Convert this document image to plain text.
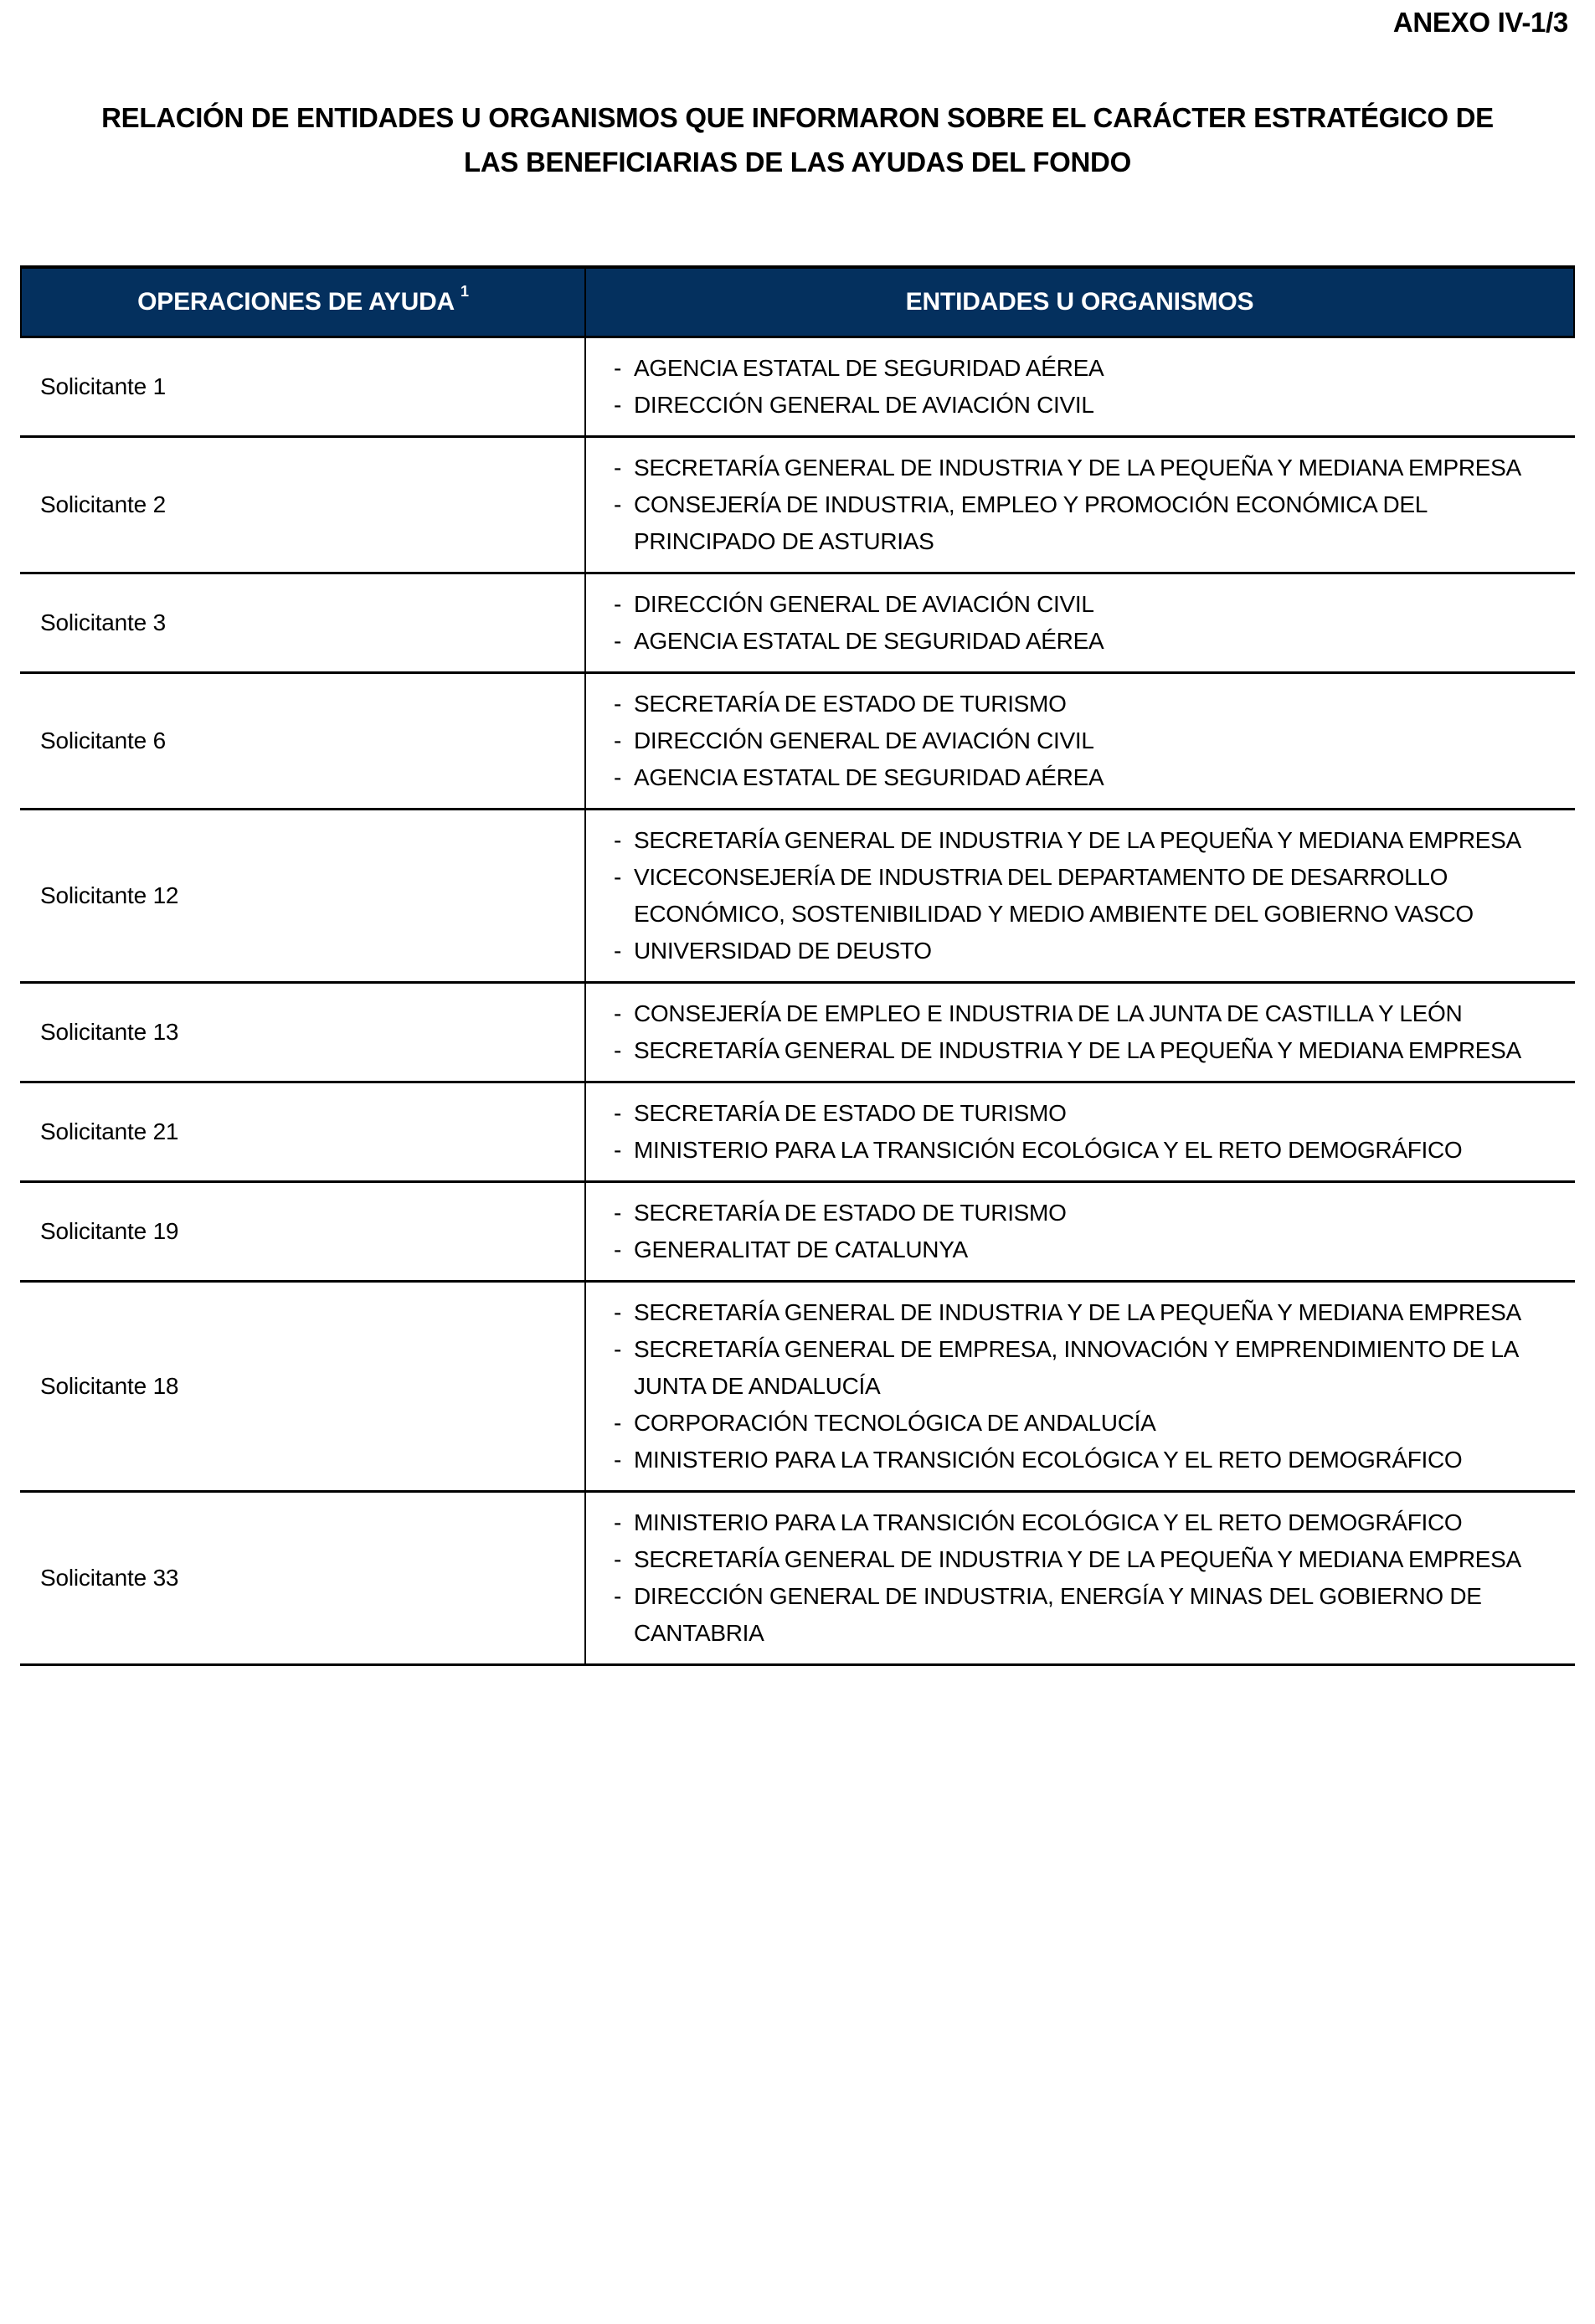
ANEXO IV-1/3
RELACIÓN DE ENTIDADES U ORGANISMOS QUE INFORMARON SOBRE EL CARÁCTER ESTRATÉGICO DE LAS BENEFICIARIAS DE LAS AYUDAS DEL FONDO
OPERACIONES DE AYUDA $^1$	ENTIDADES U ORGANISMOS
Solicitante 1
- AGENCIA ESTATAL DE SEGURIDAD AÉREA
- DIRECCIÓN GENERAL DE AVIACIÓN CIVIL
Solicitante 2
- SECRETARÍA GENERAL DE INDUSTRIA Y DE LA PEQUEÑA Y MEDIANA EMPRESA
- CONSEJERÍA DE INDUSTRIA, EMPLEO Y PROMOCIÓN ECONÓMICA DEL PRINCIPADO DE ASTURIAS
Solicitante 3
- DIRECCIÓN GENERAL DE AVIACIÓN CIVIL
- AGENCIA ESTATAL DE SEGURIDAD AÉREA
Solicitante 6
- SECRETARÍA DE ESTADO DE TURISMO
- DIRECCIÓN GENERAL DE AVIACIÓN CIVIL
- AGENCIA ESTATAL DE SEGURIDAD AÉREA
Solicitante 12
- SECRETARÍA GENERAL DE INDUSTRIA Y DE LA PEQUEÑA Y MEDIANA EMPRESA
- VICECONSEJERÍA DE INDUSTRIA DEL DEPARTAMENTO DE DESARROLLO ECONÓMICO, SOSTENIBILIDAD Y MEDIO AMBIENTE DEL GOBIERNO VASCO
- UNIVERSIDAD DE DEUSTO
Solicitante 13
- CONSEJERÍA DE EMPLEO E INDUSTRIA DE LA JUNTA DE CASTILLA Y LEÓN
- SECRETARÍA GENERAL DE INDUSTRIA Y DE LA PEQUEÑA Y MEDIANA EMPRESA
Solicitante 21
- SECRETARÍA DE ESTADO DE TURISMO
- MINISTERIO PARA LA TRANSICIÓN ECOLÓGICA Y EL RETO DEMOGRÁFICO
Solicitante 19
- SECRETARÍA DE ESTADO DE TURISMO
- GENERALITAT DE CATALUNYA
Solicitante 18
- SECRETARÍA GENERAL DE INDUSTRIA Y DE LA PEQUEÑA Y MEDIANA EMPRESA
- SECRETARÍA GENERAL DE EMPRESA, INNOVACIÓN Y EMPRENDIMIENTO DE LA JUNTA DE ANDALUCÍA
- CORPORACIÓN TECNOLÓGICA DE ANDALUCÍA
- MINISTERIO PARA LA TRANSICIÓN ECOLÓGICA Y EL RETO DEMOGRÁFICO
Solicitante 33
- MINISTERIO PARA LA TRANSICIÓN ECOLÓGICA Y EL RETO DEMOGRÁFICO
- SECRETARÍA GENERAL DE INDUSTRIA Y DE LA PEQUEÑA Y MEDIANA EMPRESA
- DIRECCIÓN GENERAL DE INDUSTRIA, ENERGÍA Y MINAS DEL GOBIERNO DE CANTABRIA
